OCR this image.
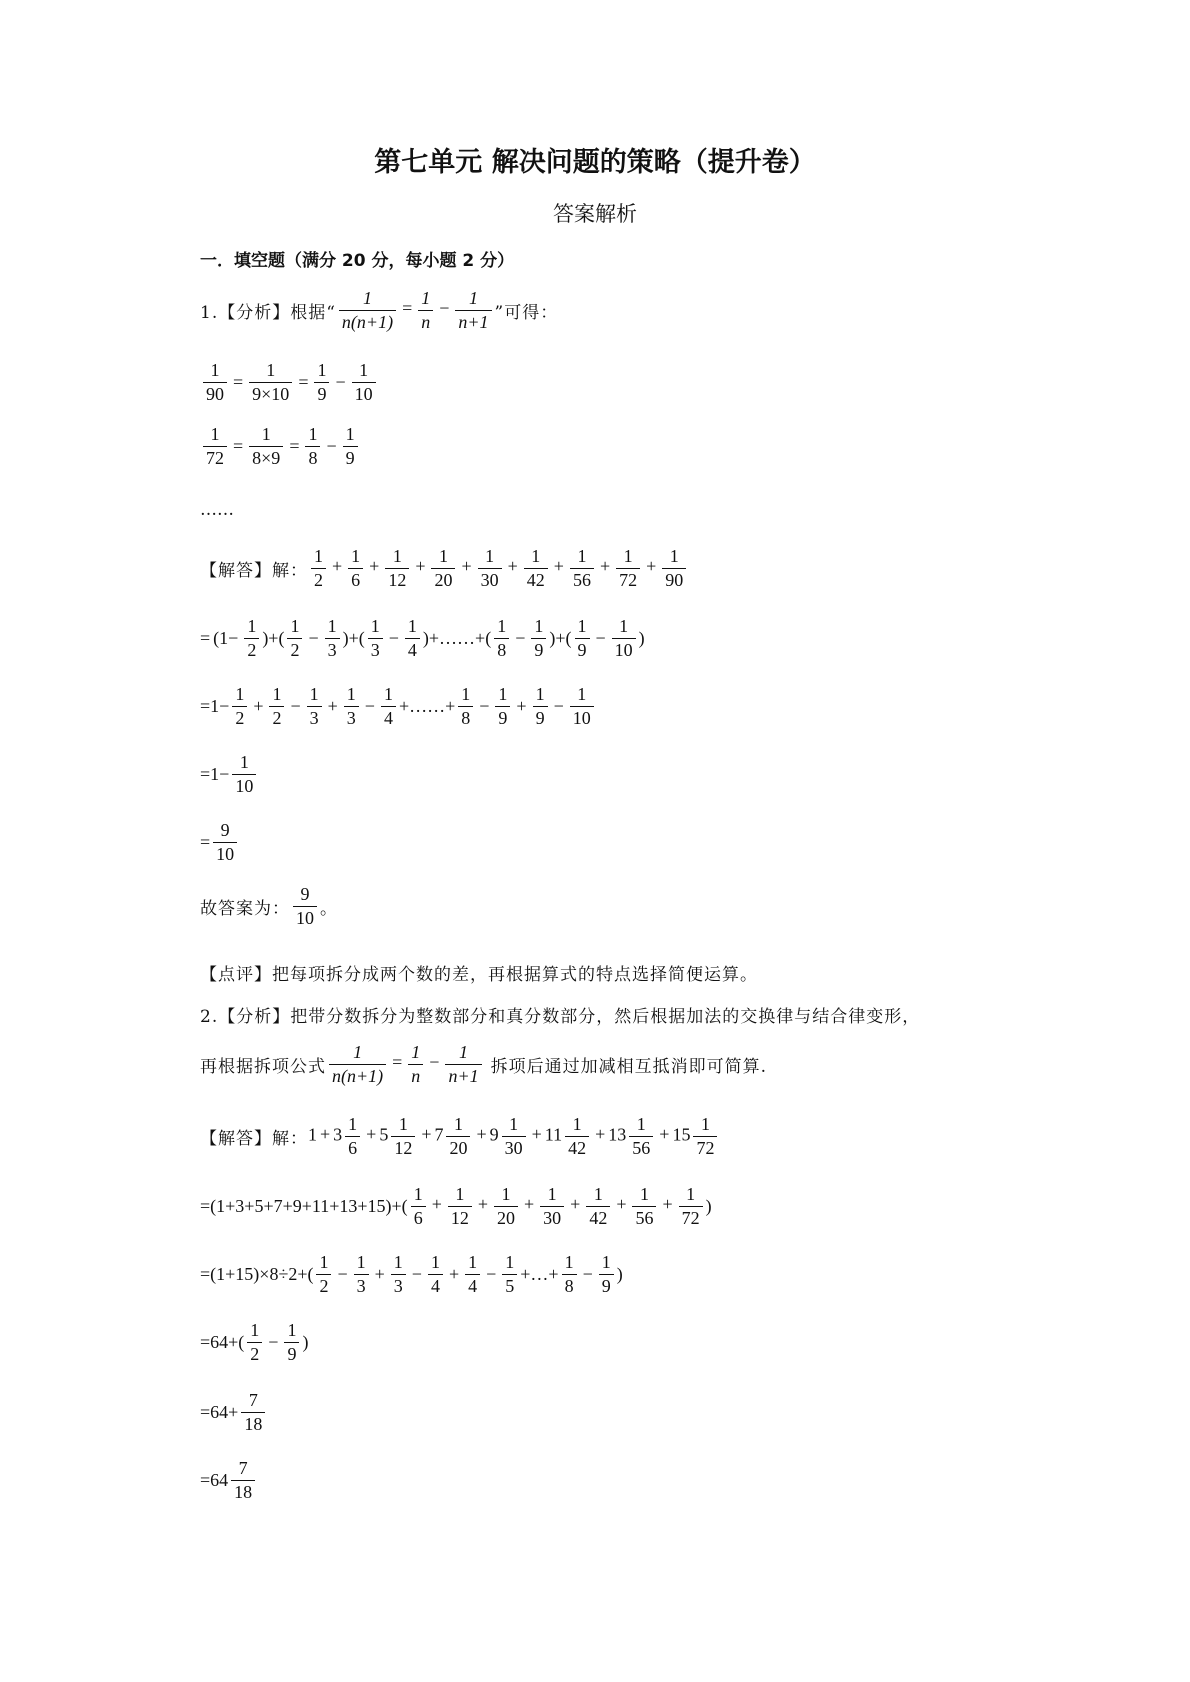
第七单元 解决问题的策略（提升卷）
答案解析
一．填空题（满分 20 分，每小题 2 分）
1.【分析】根据“ $\frac{1}{n(n+1)} = \frac{1}{n} - \frac{1}{n+1}$ ”可得：
$\frac{1}{90} = \frac{1}{9\times 10} = \frac{1}{9} - \frac{1}{10}$
$\frac{1}{72} = \frac{1}{8\times 9} = \frac{1}{8} - \frac{1}{9}$
……
【解答】解： $\frac{1}{2} + \frac{1}{6} + \frac{1}{12} + \frac{1}{20} + \frac{1}{30} + \frac{1}{42} + \frac{1}{56} + \frac{1}{72} + \frac{1}{90}$
= ($1- \frac{1}{2}$ )+( $\frac{1}{2} - \frac{1}{3}$ )+( $\frac{1}{3} - \frac{1}{4}$ )+……+( $\frac{1}{8} - \frac{1}{9}$ )+( $\frac{1}{9} - \frac{1}{10}$ )
$=1- \frac{1}{2} + \frac{1}{2} - \frac{1}{3} + \frac{1}{3} - \frac{1}{4}$ +……+ $\frac{1}{8} - \frac{1}{9} + \frac{1}{9} - \frac{1}{10}$
$=1- \frac{1}{10}$
= $\frac{9}{10}$
故答案为： $\frac{9}{10}$ 。
【点评】把每项拆分成两个数的差，再根据算式的特点选择简便运算。
2.【分析】把带分数拆分为整数部分和真分数部分，然后根据加法的交换律与结合律变形，
再根据拆项公式 $\frac{1}{n(n+1)} = \frac{1}{n} - \frac{1}{n+1}$ 拆项后通过加减相互抵消即可简算.
【解答】解： $1 + 3 \frac{1}{6} + 5 \frac{1}{12} + 7 \frac{1}{20} + 9 \frac{1}{30} + 11 \frac{1}{42} + 13 \frac{1}{56} + 15 \frac{1}{72}$
$=(1+3+5+7+9+11+13+15)+( \frac{1}{6} + \frac{1}{12} + \frac{1}{20} + \frac{1}{30} + \frac{1}{42} + \frac{1}{56} + \frac{1}{72}$ )
$=(1+15)\times 8\div 2+( \frac{1}{2} - \frac{1}{3} + \frac{1}{3} - \frac{1}{4} + \frac{1}{4} - \frac{1}{5}$ +…+ $\frac{1}{8} - \frac{1}{9}$ )
$=64+( \frac{1}{2} - \frac{1}{9}$ )
$=64+ \frac{7}{18}$
$=64 \frac{7}{18}$
